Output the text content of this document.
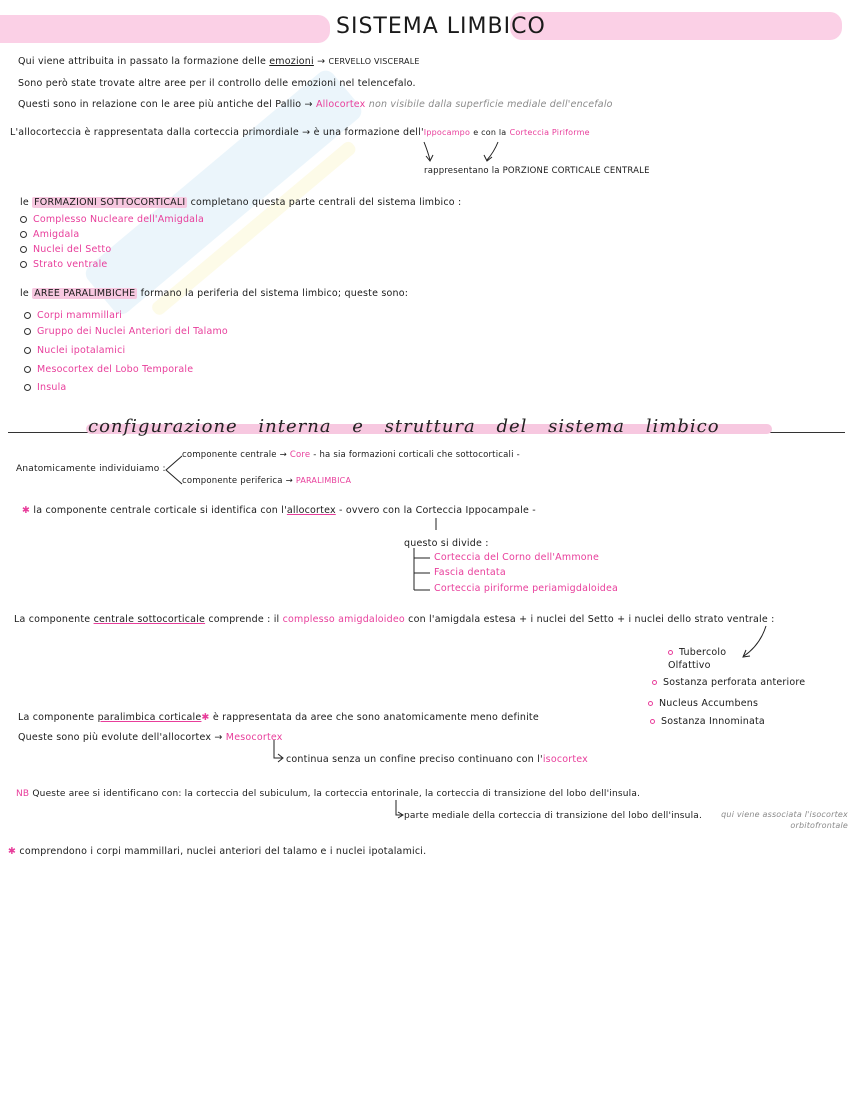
SISTEMA LIMBICO
Qui viene attribuita in passato la formazione delle emozioni → CERVELLO VISCERALE
Sono però state trovate altre aree per il controllo delle emozioni nel telencefalo.
Questi sono in relazione con le aree più antiche del Pallio → Allocortex non visibile dalla superficie mediale dell'encefalo
L'allocorteccia è rappresentata dalla corteccia primordiale → è una formazione dell'Ippocampo e con la Corteccia Piriforme
rappresentano la PORZIONE CORTICALE CENTRALE
le FORMAZIONI SOTTOCORTICALI completano questa parte centrali del sistema limbico :
Complesso Nucleare dell'Amigdala
Amigdala
Nuclei del Setto
Strato ventrale
le AREE PARALIMBICHE formano la periferia del sistema limbico; queste sono:
Corpi mammillari
Gruppo dei Nuclei Anteriori del Talamo
Nuclei ipotalamici
Mesocortex del Lobo Temporale
Insula
configurazione interna e struttura del sistema limbico
Anatomicamente individuiamo :
componente centrale → Core - ha sia formazioni corticali che sottocorticali -
componente periferica → PARALIMBICA
✱ la componente centrale corticale si identifica con l'allocortex - ovvero con la Corteccia Ippocampale -
questo si divide :
Corteccia del Corno dell'Ammone
Fascia dentata
Corteccia piriforme periamigdaloidea
La componente centrale sottocorticale comprende : il complesso amigdaloideo con l'amigdala estesa + i nuclei del Setto + i nuclei dello strato ventrale :
Tubercolo Olfattivo
Sostanza perforata anteriore
Nucleus Accumbens
Sostanza Innominata
La componente paralimbica corticale✱ è rappresentata da aree che sono anatomicamente meno definite
Queste sono più evolute dell'allocortex → Mesocortex
continua senza un confine preciso continuano con l'isocortex
NB Queste aree si identificano con: la corteccia del subiculum, la corteccia entorinale, la corteccia di transizione del lobo dell'insula.
parte mediale della corteccia di transizione del lobo dell'insula. qui viene associata l'isocortex orbitofrontale
✱ comprendono i corpi mammillari, nuclei anteriori del talamo e i nuclei ipotalamici.
